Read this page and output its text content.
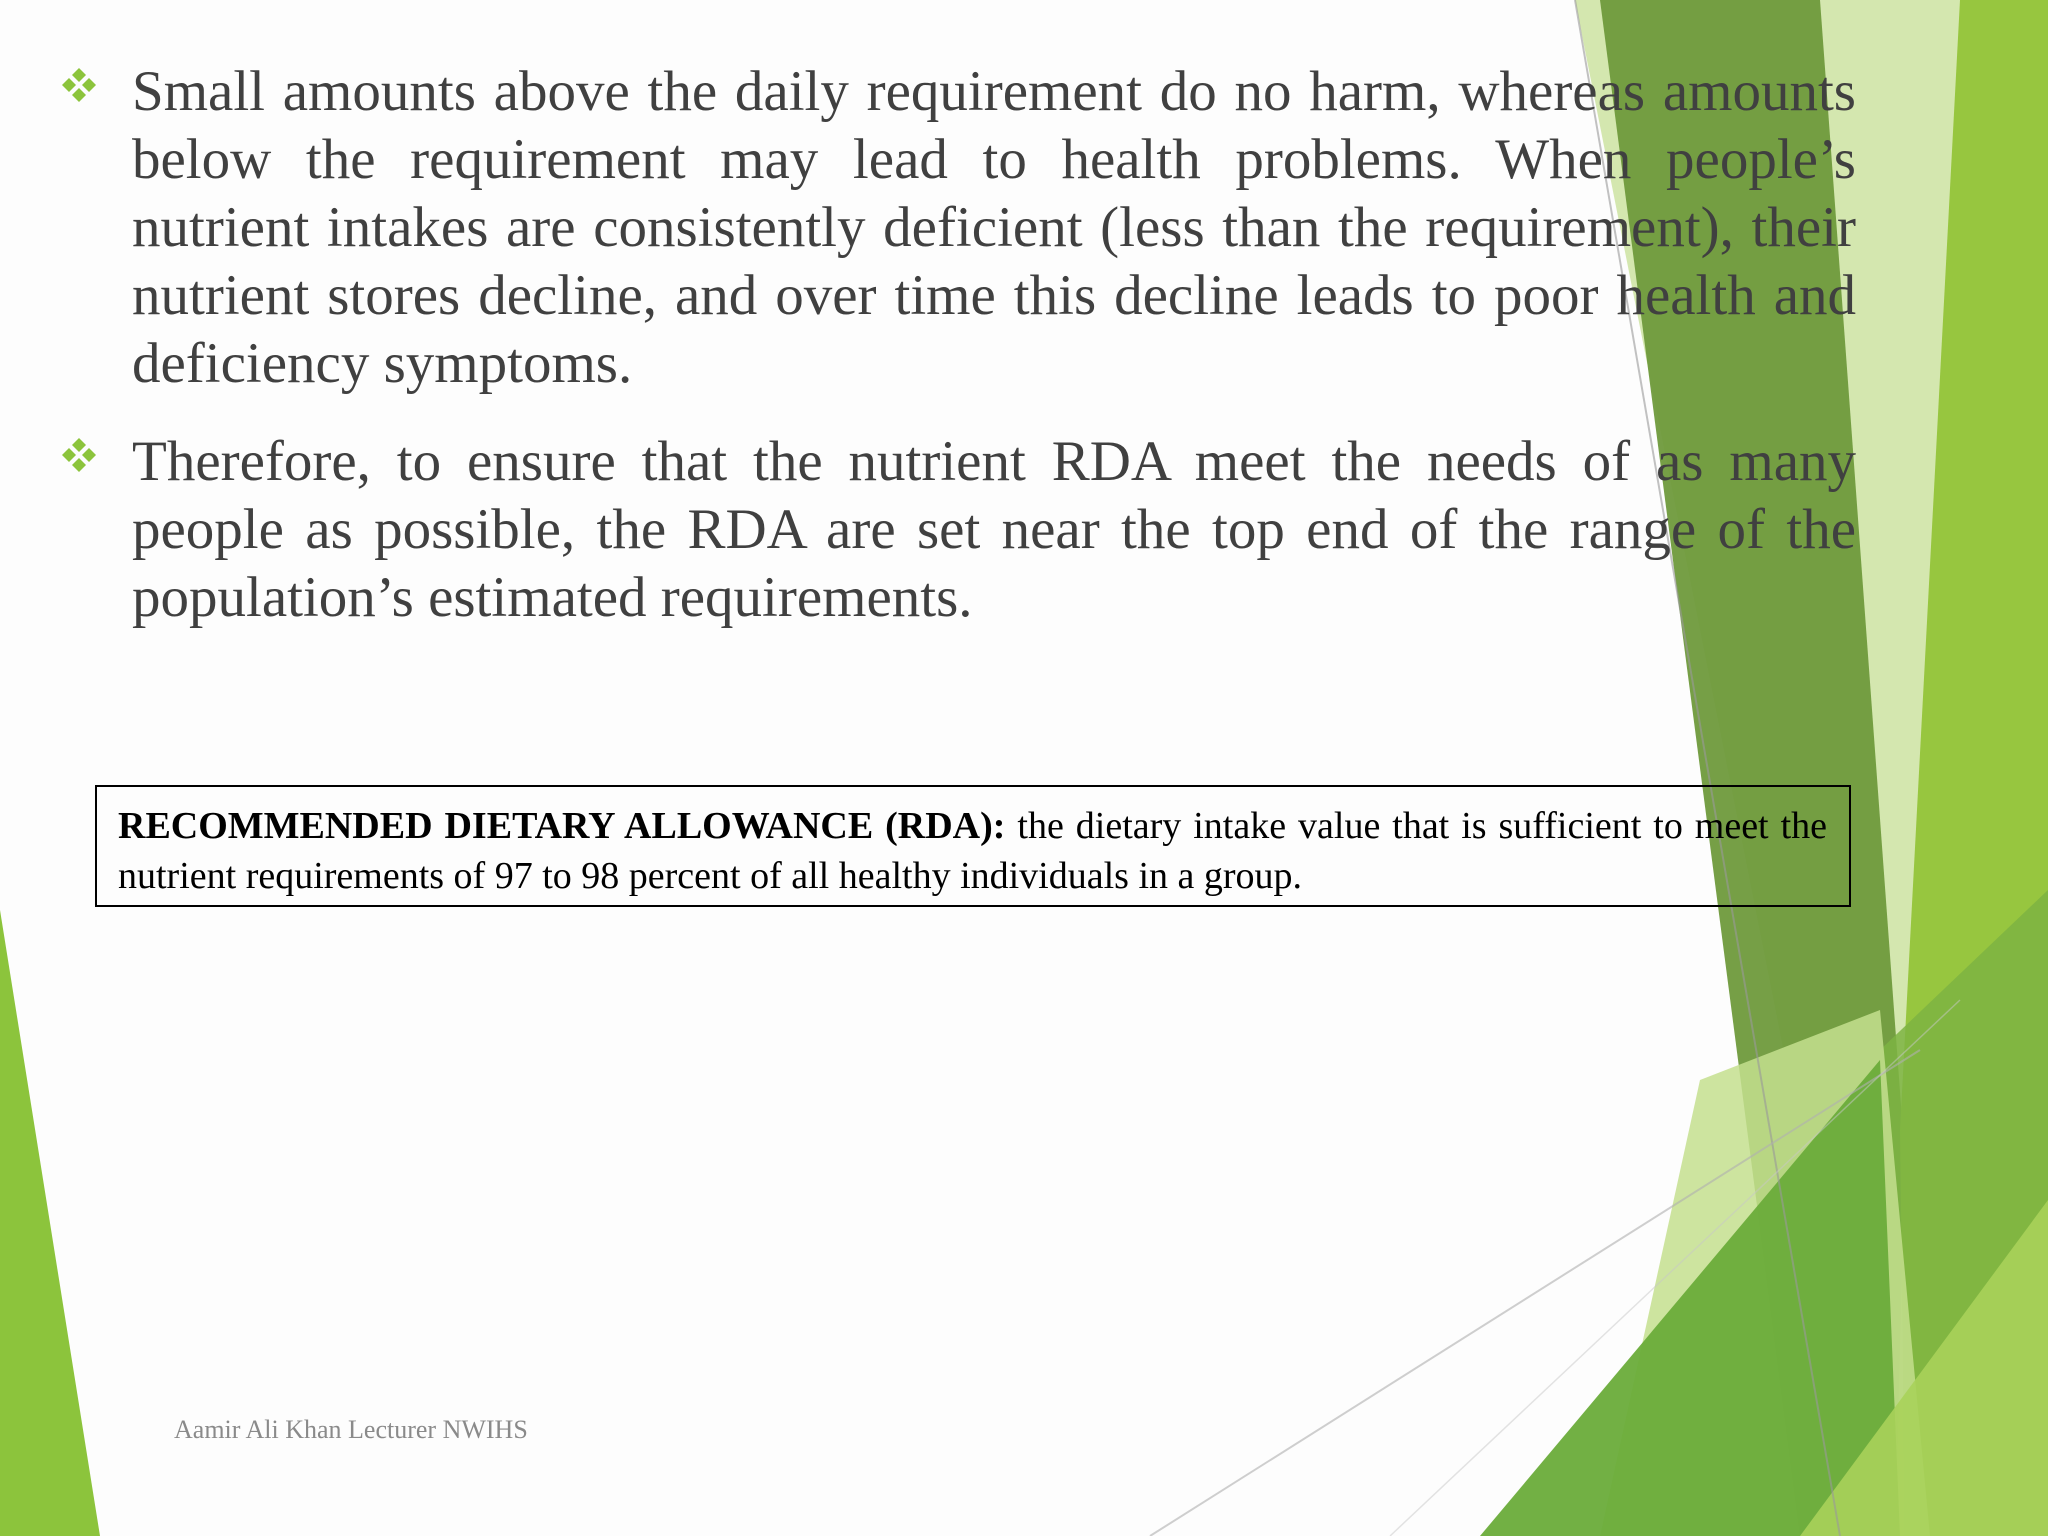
Small amounts above the daily requirement do no harm, whereas amounts below the requirement may lead to health problems. When people’s nutrient intakes are consistently deficient (less than the requirement), their nutrient stores decline, and over time this decline leads to poor health and deficiency symptoms.
Therefore, to ensure that the nutrient RDA meet the needs of as many people as possible, the RDA are set near the top end of the range of the population’s estimated requirements.
RECOMMENDED DIETARY ALLOWANCE (RDA): the dietary intake value that is sufficient to meet the nutrient requirements of 97 to 98 percent of all healthy individuals in a group.
Aamir Ali Khan Lecturer NWIHS
